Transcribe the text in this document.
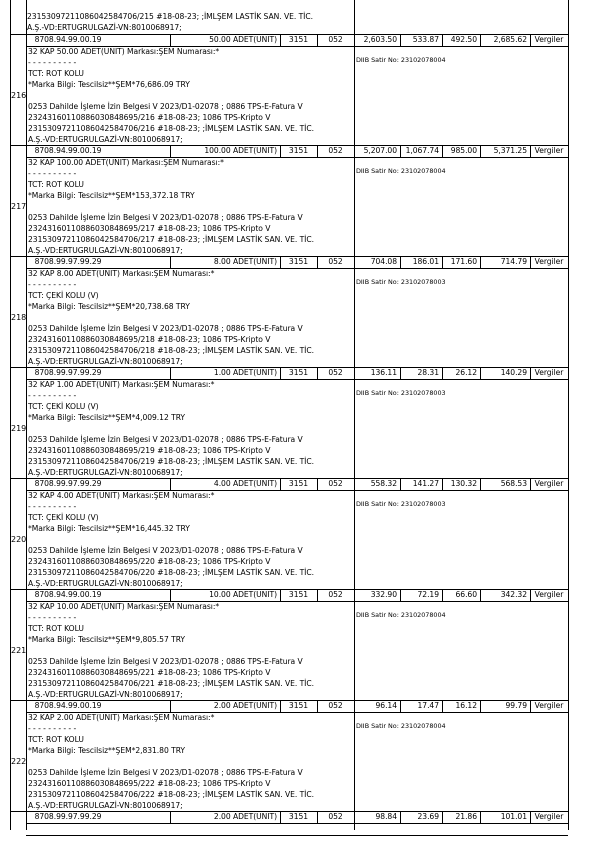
23153097211086042584706/215 #18-08-23; ;İMLŞEM LASTİK SAN. VE. TİC.
A.Ş.-VD:ERTUGRULGAZİ-VN:8010068917;
8708.94.99.00.19	50.00 ADET(UNIT)	3151	052	2,603.50	533.87	492.50	2,685.62	Vergiler
216
32 KAP 50.00 ADET(UNIT) Markası:ŞEM Numarası:*
- - - - - - - - - -
TCT: ROT KOLU
*Marka Bilgi: Tescilsiz**ŞEM*76,686.09 TRY
0253 Dahilde İşleme İzin Belgesi V 2023/D1-02078 ; 0886 TPS-E-Fatura V
23243160110886030848695/216 #18-08-23; 1086 TPS-Kripto V
23153097211086042584706/216 #18-08-23; ;İMLŞEM LASTİK SAN. VE. TİC.
A.Ş.-VD:ERTUGRULGAZİ-VN:8010068917;
DIIB Satir No: 23102078004
8708.94.99.00.19	100.00 ADET(UNIT)	3151	052	5,207.00	1,067.74	985.00	5,371.25	Vergiler
217
32 KAP 100.00 ADET(UNIT) Markası:ŞEM Numarası:*
- - - - - - - - - -
TCT: ROT KOLU
*Marka Bilgi: Tescilsiz**ŞEM*153,372.18 TRY
0253 Dahilde İşleme İzin Belgesi V 2023/D1-02078 ; 0886 TPS-E-Fatura V
23243160110886030848695/217 #18-08-23; 1086 TPS-Kripto V
23153097211086042584706/217 #18-08-23; ;İMLŞEM LASTİK SAN. VE. TİC.
A.Ş.-VD:ERTUGRULGAZİ-VN:8010068917;
DIIB Satir No: 23102078004
8708.99.97.99.29	8.00 ADET(UNIT)	3151	052	704.08	186.01	171.60	714.79	Vergiler
218
32 KAP 8.00 ADET(UNIT) Markası:ŞEM Numarası:*
- - - - - - - - - -
TCT: ÇEKİ KOLU (V)
*Marka Bilgi: Tescilsiz**ŞEM*20,738.68 TRY
0253 Dahilde İşleme İzin Belgesi V 2023/D1-02078 ; 0886 TPS-E-Fatura V
23243160110886030848695/218 #18-08-23; 1086 TPS-Kripto V
23153097211086042584706/218 #18-08-23; ;İMLŞEM LASTİK SAN. VE. TİC.
A.Ş.-VD:ERTUGRULGAZİ-VN:8010068917;
DIIB Satir No: 23102078003
8708.99.97.99.29	1.00 ADET(UNIT)	3151	052	136.11	28.31	26.12	140.29	Vergiler
219
32 KAP 1.00 ADET(UNIT) Markası:ŞEM Numarası:*
- - - - - - - - - -
TCT: ÇEKİ KOLU (V)
*Marka Bilgi: Tescilsiz**ŞEM*4,009.12 TRY
0253 Dahilde İşleme İzin Belgesi V 2023/D1-02078 ; 0886 TPS-E-Fatura V
23243160110886030848695/219 #18-08-23; 1086 TPS-Kripto V
23153097211086042584706/219 #18-08-23; ;İMLŞEM LASTİK SAN. VE. TİC.
A.Ş.-VD:ERTUGRULGAZİ-VN:8010068917;
DIIB Satir No: 23102078003
8708.99.97.99.29	4.00 ADET(UNIT)	3151	052	558.32	141.27	130.32	568.53	Vergiler
220
32 KAP 4.00 ADET(UNIT) Markası:ŞEM Numarası:*
- - - - - - - - - -
TCT: ÇEKİ KOLU (V)
*Marka Bilgi: Tescilsiz**ŞEM*16,445.32 TRY
0253 Dahilde İşleme İzin Belgesi V 2023/D1-02078 ; 0886 TPS-E-Fatura V
23243160110886030848695/220 #18-08-23; 1086 TPS-Kripto V
23153097211086042584706/220 #18-08-23; ;İMLŞEM LASTİK SAN. VE. TİC.
A.Ş.-VD:ERTUGRULGAZİ-VN:8010068917;
DIIB Satir No: 23102078003
8708.94.99.00.19	10.00 ADET(UNIT)	3151	052	332.90	72.19	66.60	342.32	Vergiler
221
32 KAP 10.00 ADET(UNIT) Markası:ŞEM Numarası:*
- - - - - - - - - -
TCT: ROT KOLU
*Marka Bilgi: Tescilsiz**ŞEM*9,805.57 TRY
0253 Dahilde İşleme İzin Belgesi V 2023/D1-02078 ; 0886 TPS-E-Fatura V
23243160110886030848695/221 #18-08-23; 1086 TPS-Kripto V
23153097211086042584706/221 #18-08-23; ;İMLŞEM LASTİK SAN. VE. TİC.
A.Ş.-VD:ERTUGRULGAZİ-VN:8010068917;
DIIB Satir No: 23102078004
8708.94.99.00.19	2.00 ADET(UNIT)	3151	052	96.14	17.47	16.12	99.79	Vergiler
222
32 KAP 2.00 ADET(UNIT) Markası:ŞEM Numarası:*
- - - - - - - - - -
TCT: ROT KOLU
*Marka Bilgi: Tescilsiz**ŞEM*2,831.80 TRY
0253 Dahilde İşleme İzin Belgesi V 2023/D1-02078 ; 0886 TPS-E-Fatura V
23243160110886030848695/222 #18-08-23; 1086 TPS-Kripto V
23153097211086042584706/222 #18-08-23; ;İMLŞEM LASTİK SAN. VE. TİC.
A.Ş.-VD:ERTUGRULGAZİ-VN:8010068917;
DIIB Satir No: 23102078004
8708.99.97.99.29	2.00 ADET(UNIT)	3151	052	98.84	23.69	21.86	101.01	Vergiler
